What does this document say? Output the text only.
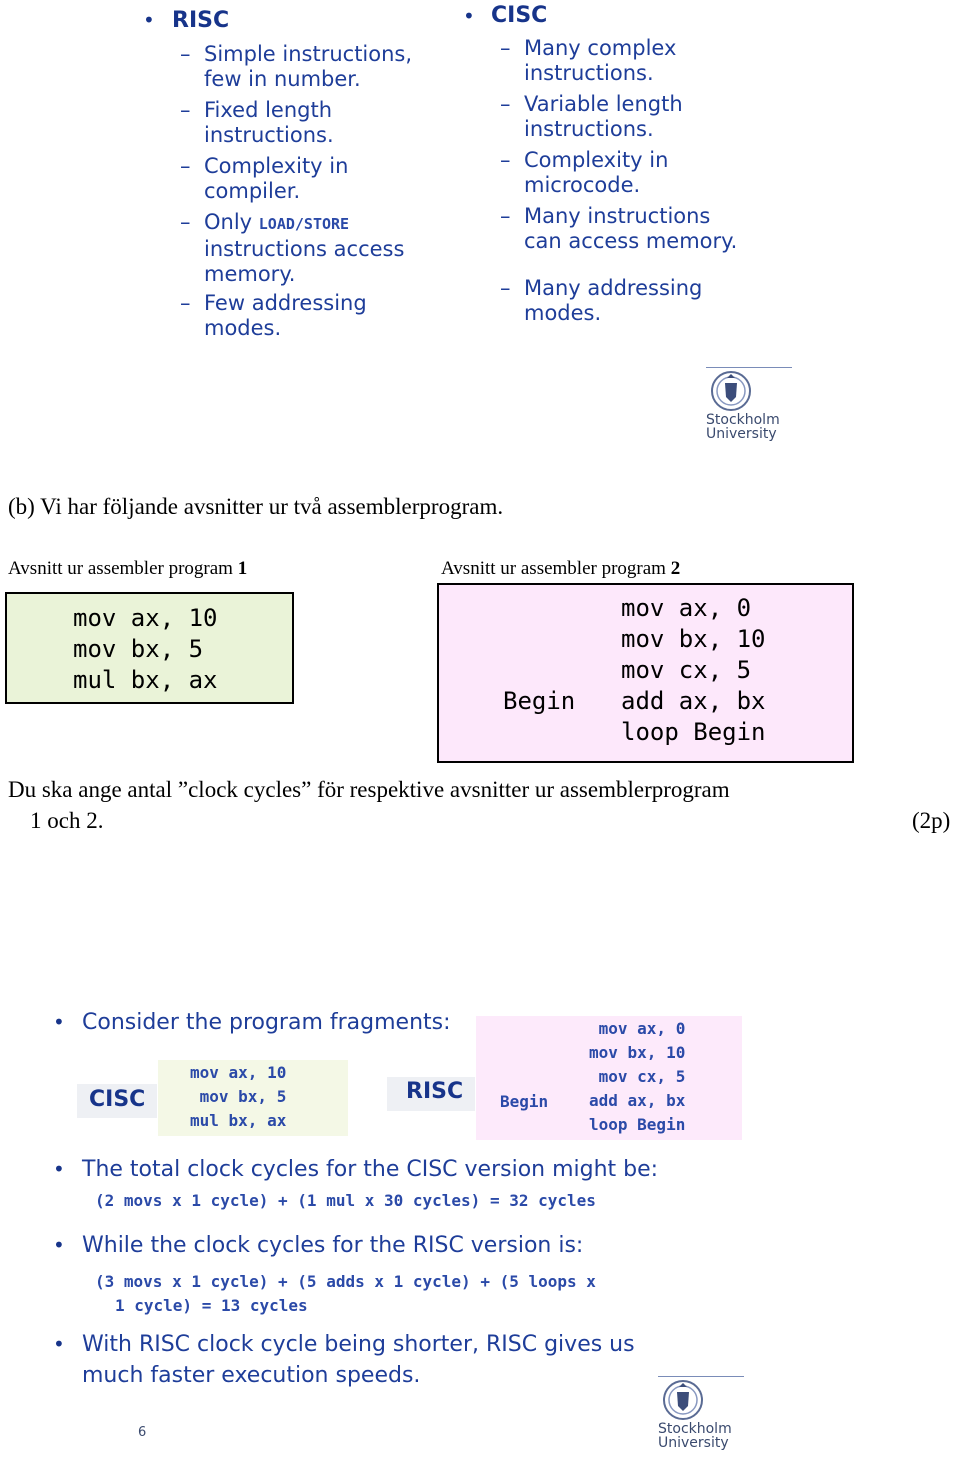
• RISC
– Simple instructions,
few in number.
– Fixed length
instructions.
– Complexity in
compiler.
– Only LOAD/STORE
instructions access
memory.
– Few addressing
modes.
• CISC
– Many complex
instructions.
– Variable length
instructions.
– Complexity in
microcode.
– Many instructions
can access memory.
– Many addressing
modes.
Stockholm
University
(b) Vi har följande avsnitter ur två assemblerprogram.
Avsnitt ur assembler program 1	Avsnitt ur assembler program 2
mov ax, 10
mov bx, 5
mul bx, ax

Begin
mov ax, 0
mov bx, 10
mov cx, 5
add ax, bx
loop Begin
Du ska ange antal ”clock cycles” för respektive avsnitter ur assemblerprogram
1 och 2.	(2p)
• Consider the program fragments:
CISC
mov ax, 10
mov bx, 5
mul bx, ax
RISC Begin
mov ax, 0
mov bx, 10
mov cx, 5
add ax, bx
loop Begin
• The total clock cycles for the CISC version might be:
(2 movs x 1 cycle) + (1 mul x 30 cycles) = 32 cycles
• While the clock cycles for the RISC version is:
(3 movs x 1 cycle) + (5 adds x 1 cycle) + (5 loops x
1 cycle) = 13 cycles
• With RISC clock cycle being shorter, RISC gives us
much faster execution speeds.
6	Stockholm
University
